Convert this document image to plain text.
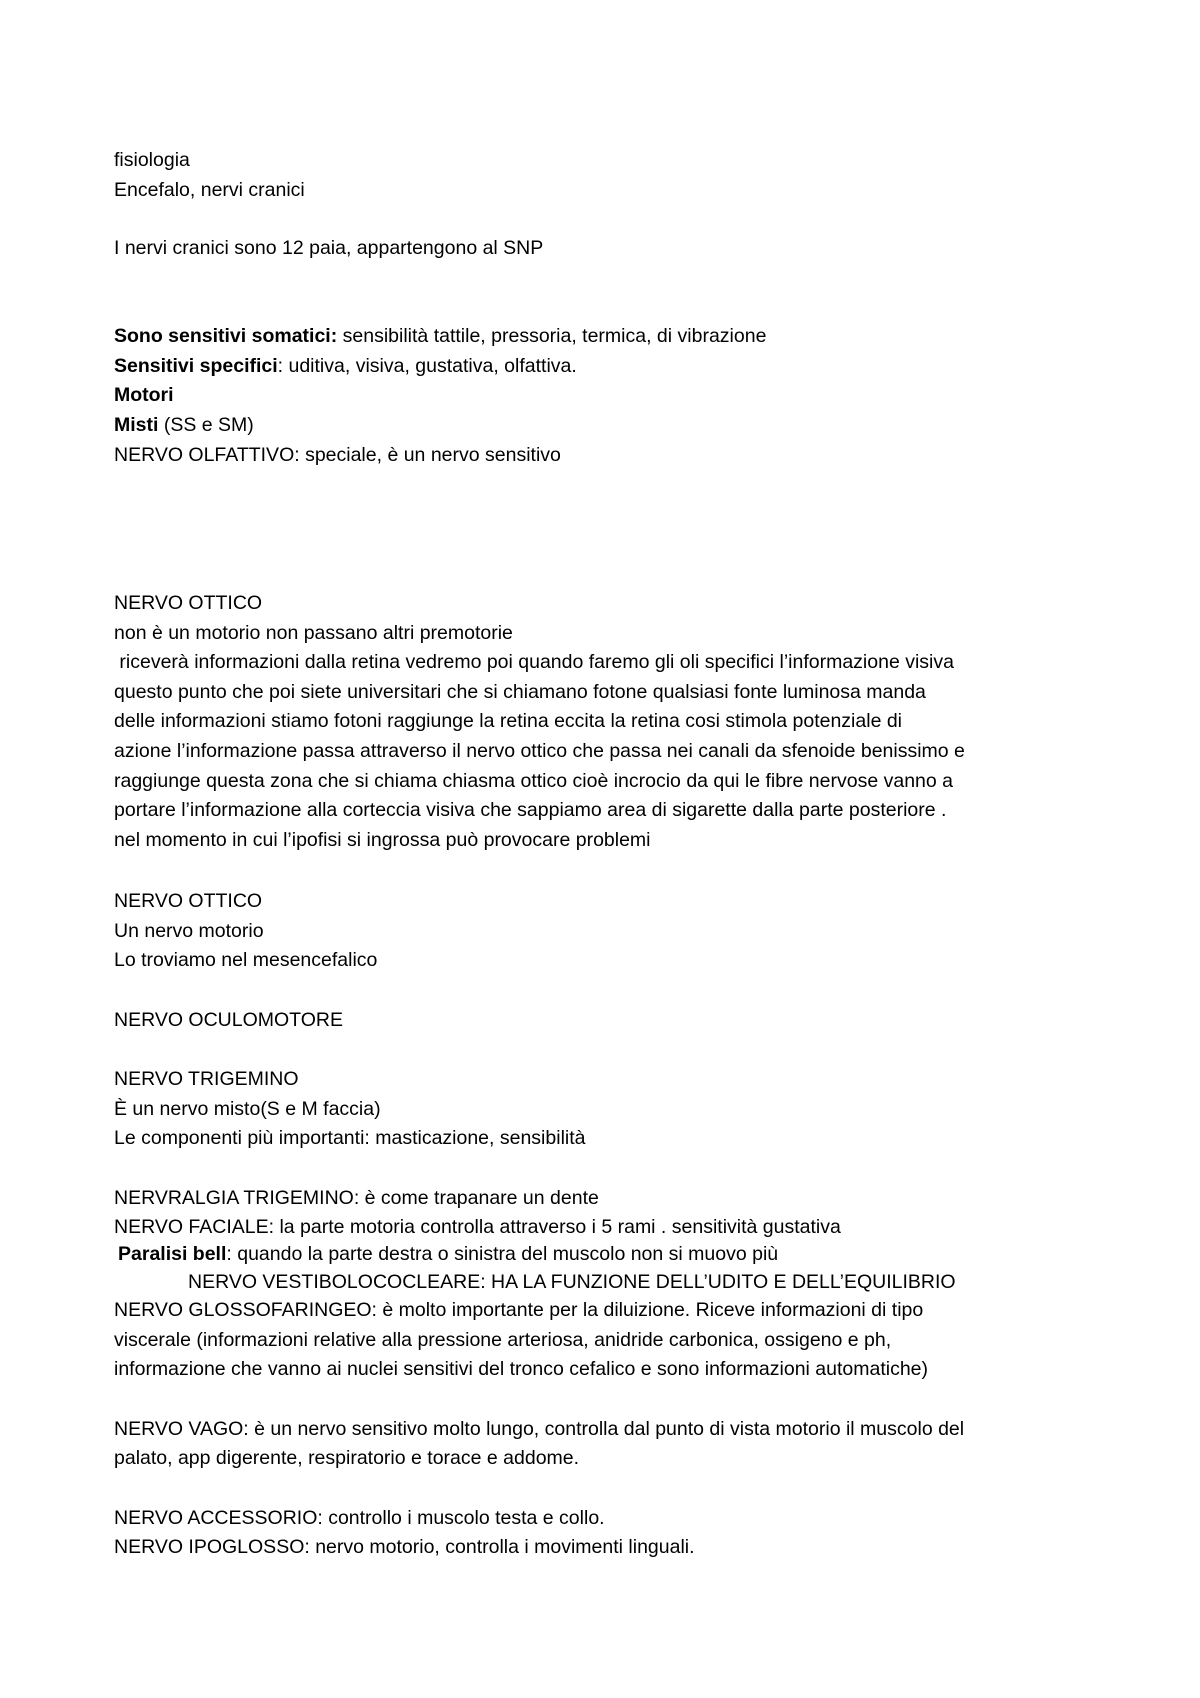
fisiologia
Encefalo, nervi cranici
I nervi cranici sono 12 paia, appartengono al SNP
Sono sensitivi somatici: sensibilità tattile, pressoria, termica, di vibrazione
Sensitivi specifici: uditiva, visiva, gustativa, olfattiva.
Motori
Misti (SS e SM)
NERVO OLFATTIVO: speciale, è un nervo sensitivo
NERVO OTTICO
non è un motorio non passano altri premotorie
riceverà informazioni dalla retina vedremo poi quando faremo gli oli specifici l’informazione visiva
questo punto che poi siete universitari che si chiamano fotone qualsiasi fonte luminosa manda
delle informazioni stiamo fotoni raggiunge la retina eccita la retina cosi stimola potenziale di
azione l’informazione passa attraverso il nervo ottico che passa nei canali da sfenoide benissimo e
raggiunge questa zona che si chiama chiasma ottico cioè incrocio da qui le fibre nervose vanno a
portare l’informazione alla corteccia visiva che sappiamo area di sigarette dalla parte posteriore .
nel momento in cui l’ipofisi si ingrossa può provocare problemi
NERVO OTTICO
Un nervo motorio
Lo troviamo nel mesencefalico
NERVO OCULOMOTORE
NERVO TRIGEMINO
È un nervo misto(S e M faccia)
Le componenti più importanti: masticazione, sensibilità
NERVRALGIA TRIGEMINO: è come trapanare un dente
NERVO FACIALE: la parte motoria controlla attraverso i 5 rami . sensitività gustativa
Paralisi bell: quando la parte destra o sinistra del muscolo non si muovo più
NERVO VESTIBOLOCOCLEARE: HA LA FUNZIONE DELL’UDITO E DELL’EQUILIBRIO
NERVO GLOSSOFARINGEO: è molto importante per la diluizione. Riceve informazioni di tipo
viscerale (informazioni relative alla pressione arteriosa, anidride carbonica, ossigeno e ph,
informazione che vanno ai nuclei sensitivi del tronco cefalico e sono informazioni automatiche)
NERVO VAGO: è un nervo sensitivo molto lungo, controlla dal punto di vista motorio il muscolo del
palato, app digerente, respiratorio e torace e addome.
NERVO ACCESSORIO: controllo i muscolo testa e collo.
NERVO IPOGLOSSO: nervo motorio, controlla i movimenti linguali.
